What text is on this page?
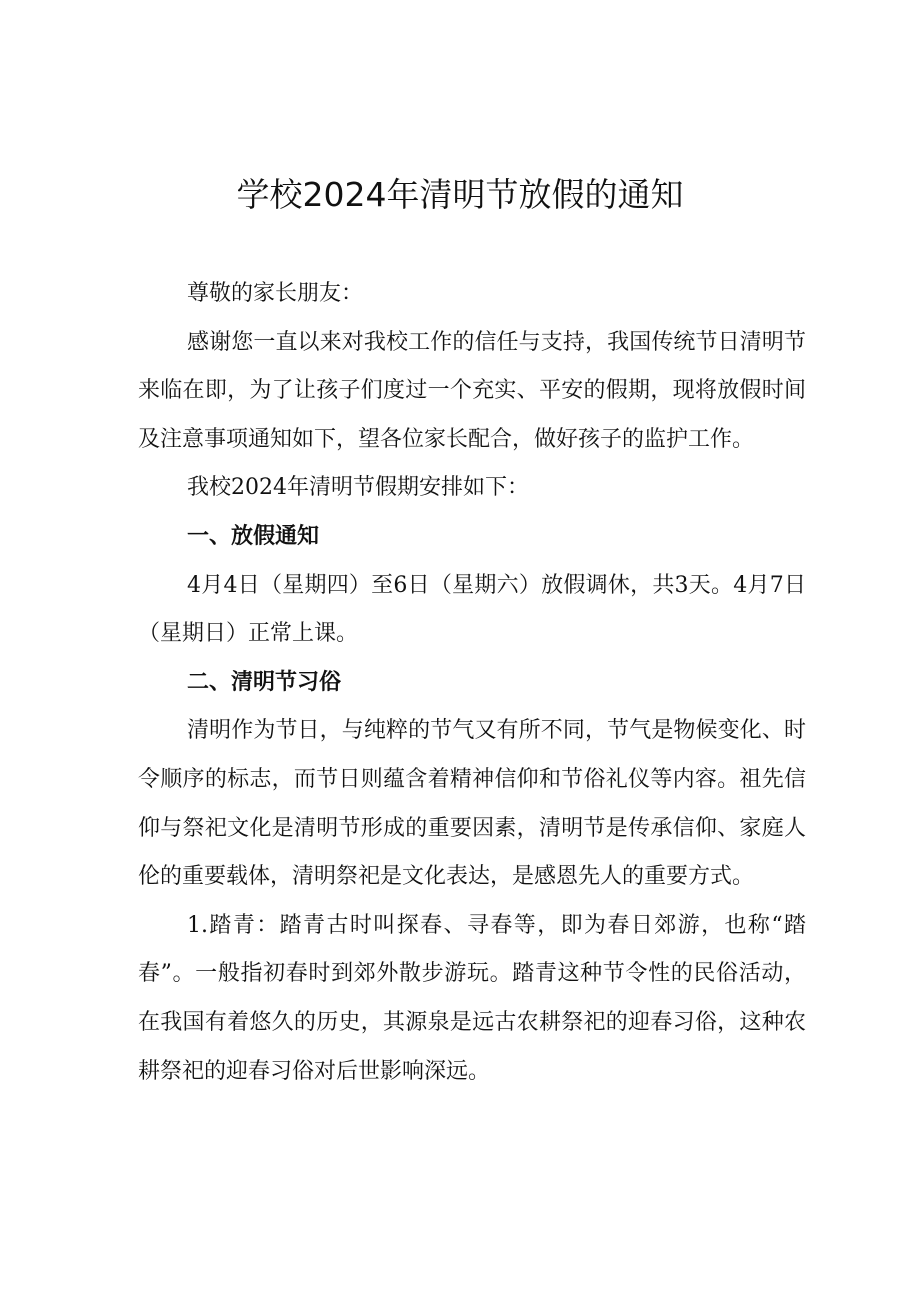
学校2024年清明节放假的通知

尊敬的家长朋友：

感谢您一直以来对我校工作的信任与支持，我国传统节日清明节来临在即，为了让孩子们度过一个充实、平安的假期，现将放假时间及注意事项通知如下，望各位家长配合，做好孩子的监护工作。

我校2024年清明节假期安排如下：

一、放假通知

4月4日（星期四）至6日（星期六）放假调休，共3天。4月7日（星期日）正常上课。

二、清明节习俗

清明作为节日，与纯粹的节气又有所不同，节气是物候变化、时令顺序的标志，而节日则蕴含着精神信仰和节俗礼仪等内容。祖先信仰与祭祀文化是清明节形成的重要因素，清明节是传承信仰、家庭人伦的重要载体，清明祭祀是文化表达，是感恩先人的重要方式。

1.踏青：踏青古时叫探春、寻春等，即为春日郊游，也称“踏春”。一般指初春时到郊外散步游玩。踏青这种节令性的民俗活动，在我国有着悠久的历史，其源泉是远古农耕祭祀的迎春习俗，这种农耕祭祀的迎春习俗对后世影响深远。
